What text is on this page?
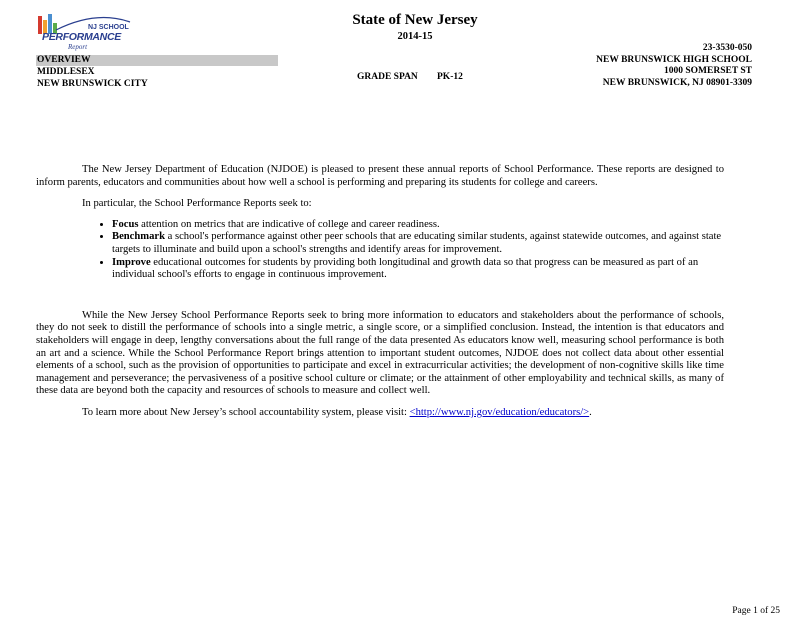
NJ SCHOOL
PERFORMANCE
Report
State of New Jersey
2014-15
OVERVIEW
MIDDLESEX
NEW BRUNSWICK CITY
GRADE SPAN PK-12
23-3530-050
NEW BRUNSWICK HIGH SCHOOL
1000 SOMERSET ST
NEW BRUNSWICK, NJ 08901-3309

The New Jersey Department of Education (NJDOE) is pleased to present these annual reports of School Performance. These reports are designed to inform parents, educators and communities about how well a school is performing and preparing its students for college and careers.

In particular, the School Performance Reports seek to:

• Focus attention on metrics that are indicative of college and career readiness.
• Benchmark a school's performance against other peer schools that are educating similar students, against statewide outcomes, and against state targets to illuminate and build upon a school's strengths and identify areas for improvement.
• Improve educational outcomes for students by providing both longitudinal and growth data so that progress can be measured as part of an individual school's efforts to engage in continuous improvement.

While the New Jersey School Performance Reports seek to bring more information to educators and stakeholders about the performance of schools, they do not seek to distill the performance of schools into a single metric, a single score, or a simplified conclusion. Instead, the intention is that educators and stakeholders will engage in deep, lengthy conversations about the full range of the data presented As educators know well, measuring school performance is both an art and a science. While the School Performance Report brings attention to important student outcomes, NJDOE does not collect data about other essential elements of a school, such as the provision of opportunities to participate and excel in extracurricular activities; the development of non-cognitive skills like time management and perseverance; the pervasiveness of a positive school culture or climate; or the attainment of other employability and technical skills, as many of these data are beyond both the capacity and resources of schools to measure and collect well.

To learn more about New Jersey’s school accountability system, please visit: <http://www.nj.gov/education/educators/>.

Page 1 of 25
